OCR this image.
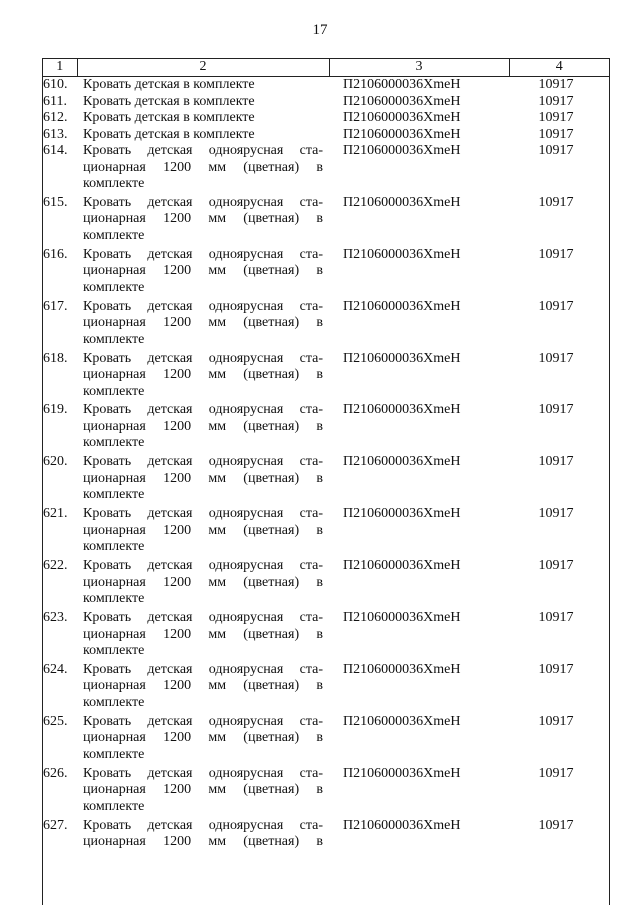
17
1	2	3	4
610.	Кровать детская в комплекте	П2106000036ХmeH	10917
611.	Кровать детская в комплекте	П2106000036ХmeH	10917
612.	Кровать детская в комплекте	П2106000036ХmeH	10917
613.	Кровать детская в комплекте	П2106000036ХmeH	10917
614.	Кровать детская одноярусная ста-
ционарная 1200 мм (цветная) в
комплекте	П2106000036ХmeH	10917
615.	Кровать детская одноярусная ста-
ционарная 1200 мм (цветная) в
комплекте	П2106000036ХmeH	10917
616.	Кровать детская одноярусная ста-
ционарная 1200 мм (цветная) в
комплекте	П2106000036ХmeH	10917
617.	Кровать детская одноярусная ста-
ционарная 1200 мм (цветная) в
комплекте	П2106000036ХmeH	10917
618.	Кровать детская одноярусная ста-
ционарная 1200 мм (цветная) в
комплекте	П2106000036ХmeH	10917
619.	Кровать детская одноярусная ста-
ционарная 1200 мм (цветная) в
комплекте	П2106000036ХmeH	10917
620.	Кровать детская одноярусная ста-
ционарная 1200 мм (цветная) в
комплекте	П2106000036ХmeH	10917
621.	Кровать детская одноярусная ста-
ционарная 1200 мм (цветная) в
комплекте	П2106000036ХmeH	10917
622.	Кровать детская одноярусная ста-
ционарная 1200 мм (цветная) в
комплекте	П2106000036ХmeH	10917
623.	Кровать детская одноярусная ста-
ционарная 1200 мм (цветная) в
комплекте	П2106000036ХmeH	10917
624.	Кровать детская одноярусная ста-
ционарная 1200 мм (цветная) в
комплекте	П2106000036ХmeH	10917
625.	Кровать детская одноярусная ста-
ционарная 1200 мм (цветная) в
комплекте	П2106000036ХmeH	10917
626.	Кровать детская одноярусная ста-
ционарная 1200 мм (цветная) в
комплекте	П2106000036ХmeH	10917
627.	Кровать детская одноярусная ста-
ционарная 1200 мм (цветная) в	П2106000036ХmeH	10917
